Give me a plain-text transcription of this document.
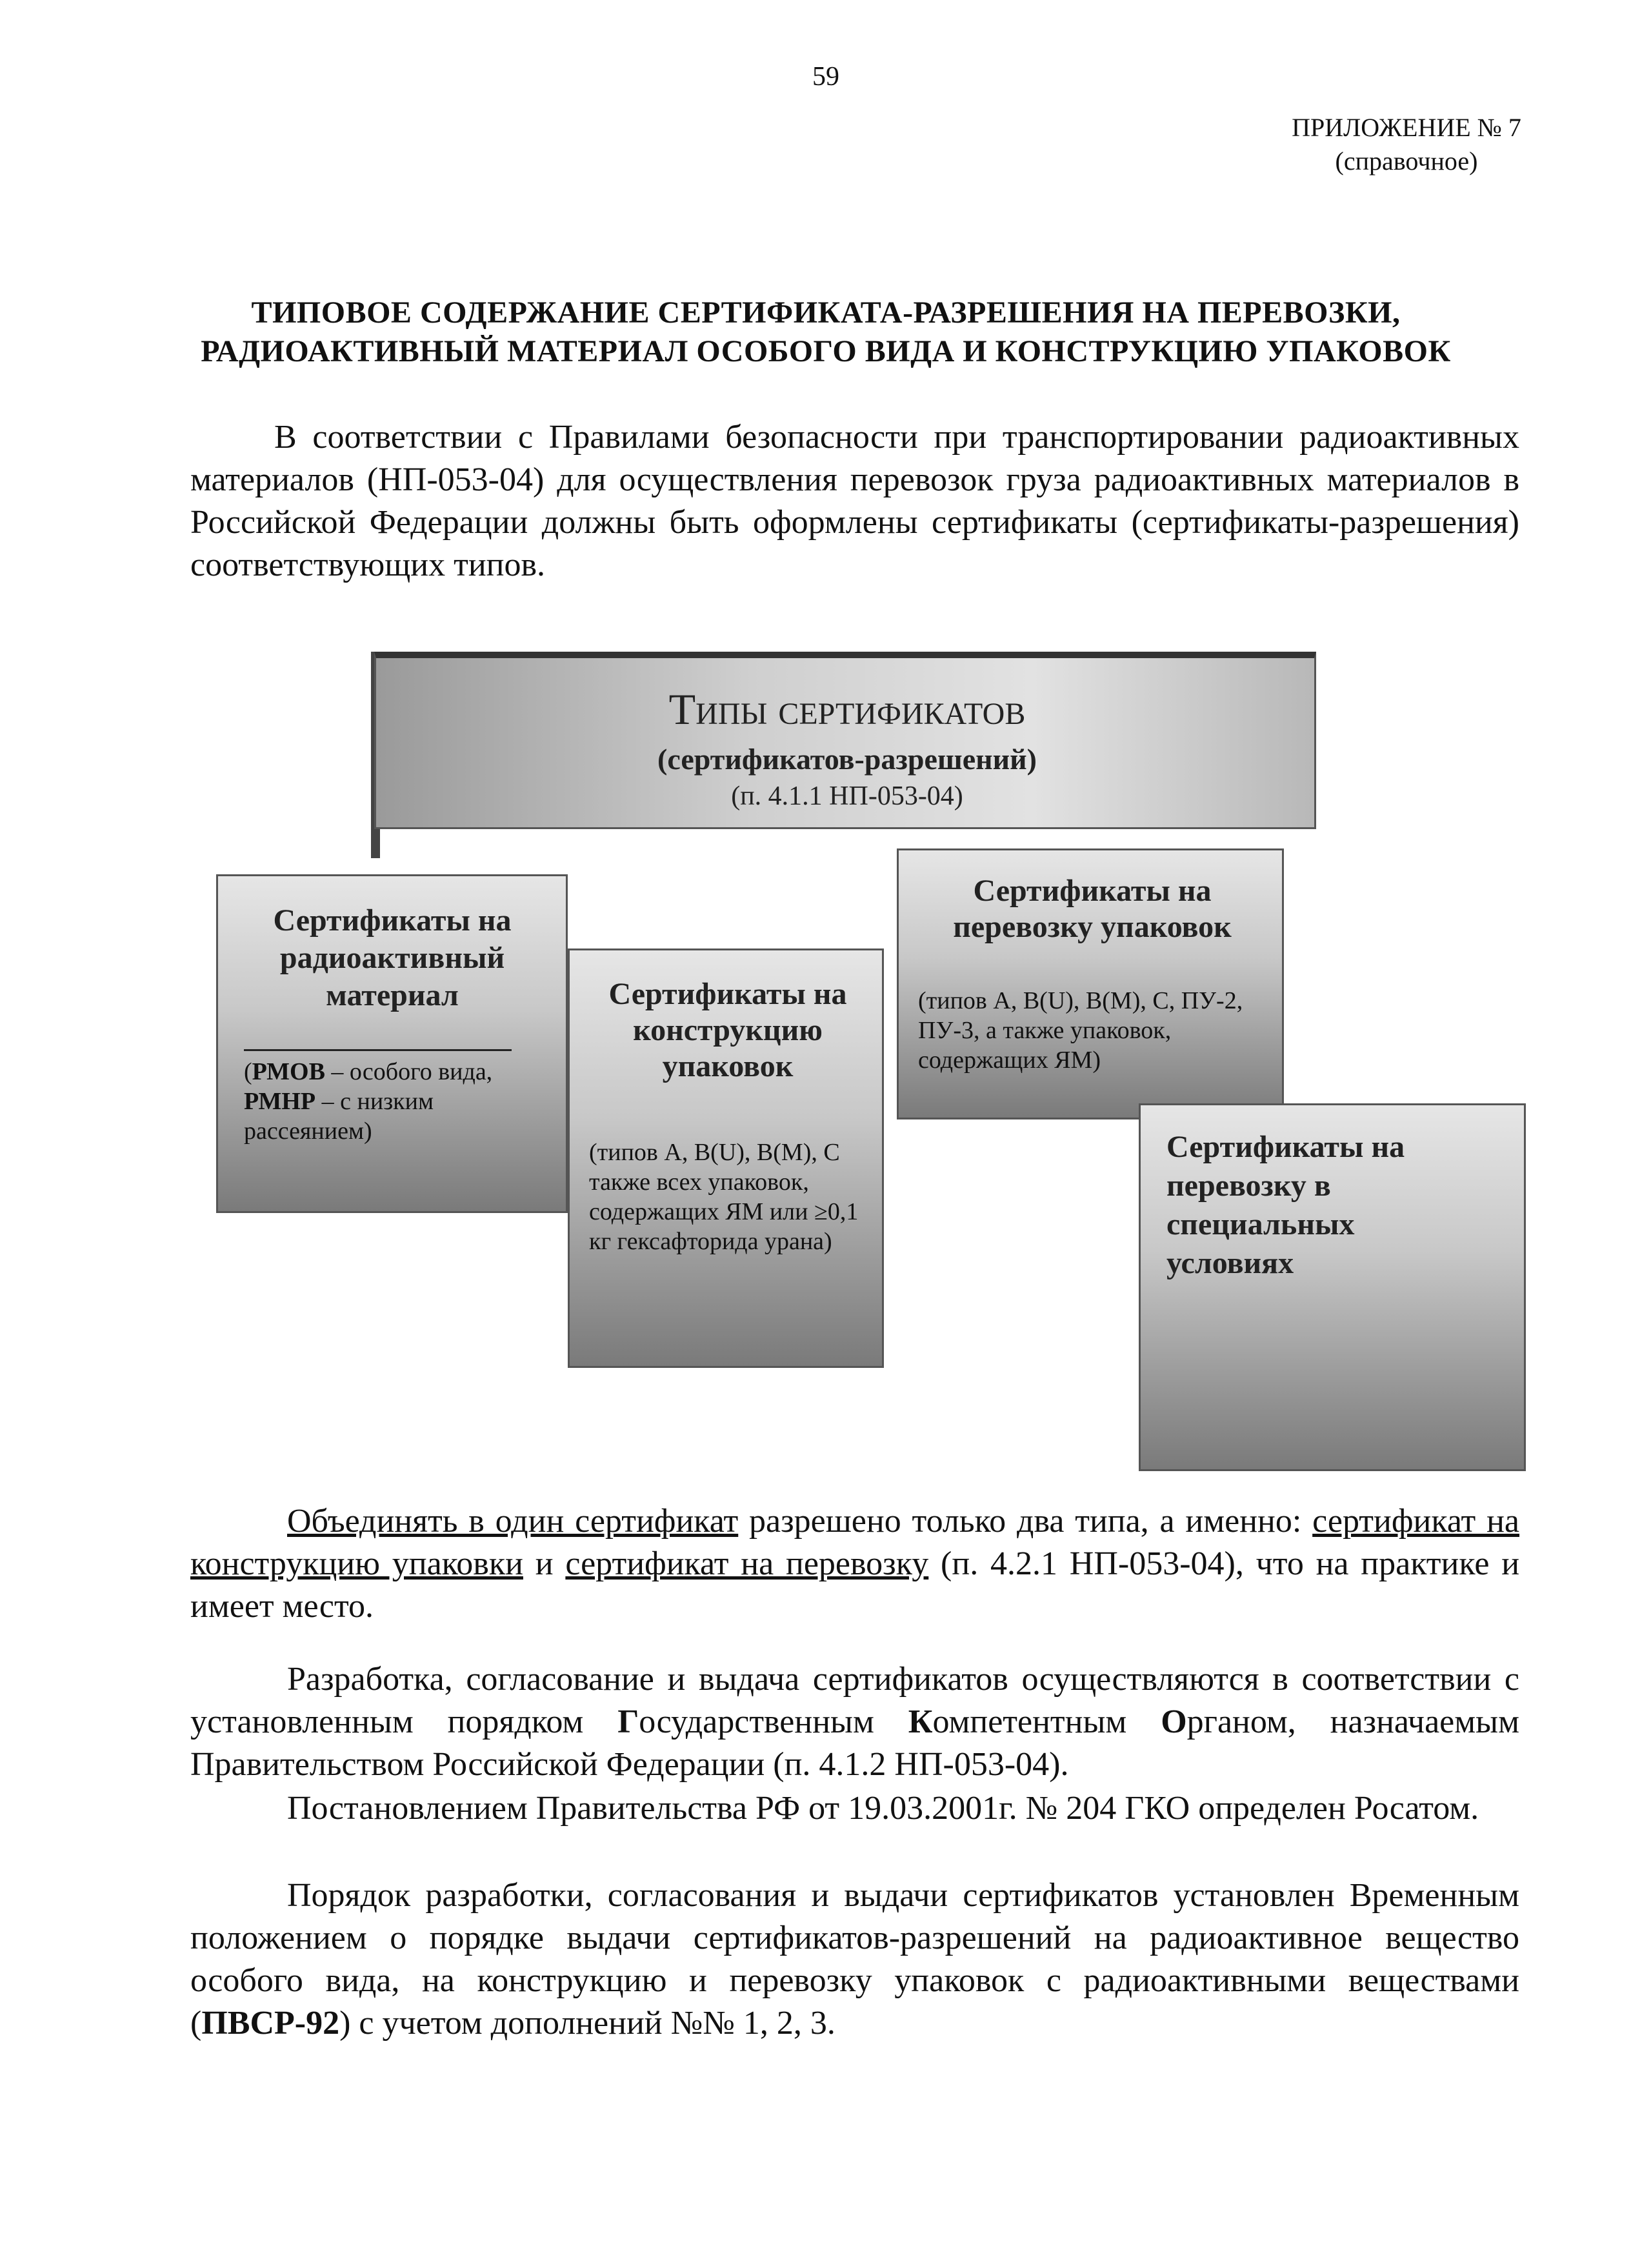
59
ПРИЛОЖЕНИЕ № 7
(справочное)
ТИПОВОЕ СОДЕРЖАНИЕ СЕРТИФИКАТА-РАЗРЕШЕНИЯ НА ПЕРЕВОЗКИ,
РАДИОАКТИВНЫЙ МАТЕРИАЛ ОСОБОГО ВИДА И КОНСТРУКЦИЮ УПАКОВОК
В соответствии с Правилами безопасности при транспортировании радиоактивных материалов (НП-053-04) для осуществления перевозок груза радиоактивных материалов в Российской Федерации должны быть оформлены сертификаты (сертификаты-разрешения) соответствующих типов.
Типы сертификатов
(сертификатов-разрешений)
(п. 4.1.1 НП-053-04)
Сертификаты на радиоактивный материал
(РМОВ – особого вида,
РМНР – с низким
рассеянием)
Сертификаты на конструкцию упаковок
(типов А, В(U), В(М), С также всех упаковок, содержащих ЯМ или ≥0,1 кг гексафторида урана)
Сертификаты на перевозку упаковок
(типов А, В(U), В(М), С, ПУ-2, ПУ-3, а также упаковок, содержащих ЯМ)
Сертификаты на перевозку в специальных условиях
Объединять в один сертификат разрешено только два типа, а именно: сертификат на конструкцию упаковки и сертификат на перевозку (п. 4.2.1 НП-053-04), что на практике и имеет место.
Разработка, согласование и выдача сертификатов осуществляются в соответствии с установленным порядком Государственным Компетентным Органом, назначаемым Правительством Российской Федерации (п. 4.1.2 НП-053-04).
Постановлением Правительства РФ от 19.03.2001г. № 204 ГКО определен Росатом.
Порядок разработки, согласования и выдачи сертификатов установлен Временным положением о порядке выдачи сертификатов-разрешений на радиоактивное вещество особого вида, на конструкцию и перевозку упаковок с радиоактивными веществами (ПВСР-92) с учетом дополнений №№ 1, 2, 3.
